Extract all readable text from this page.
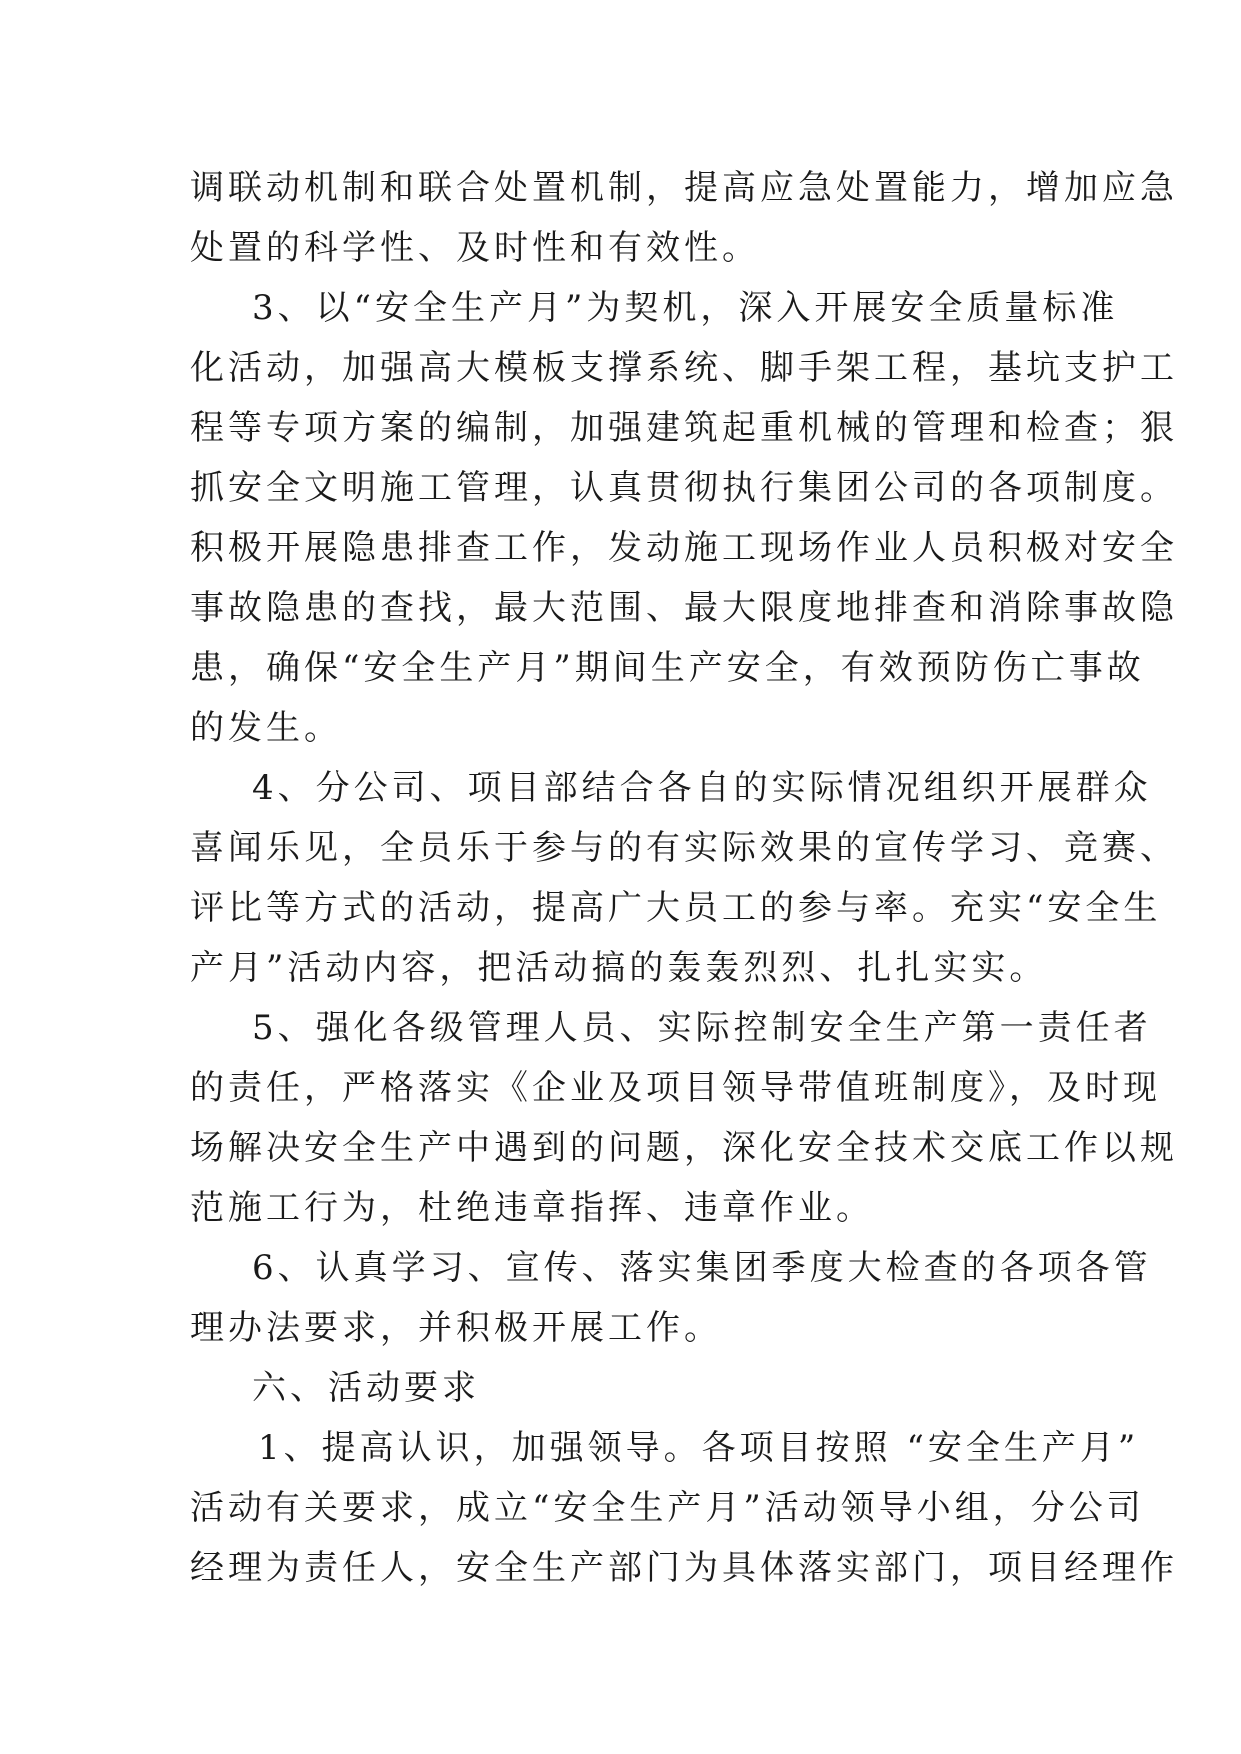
调联动机制和联合处置机制，提高应急处置能力，增加应急
处置的科学性、及时性和有效性。
3、以“安全生产月”为契机，深入开展安全质量标准
化活动，加强高大模板支撑系统、脚手架工程，基坑支护工
程等专项方案的编制，加强建筑起重机械的管理和检查；狠
抓安全文明施工管理，认真贯彻执行集团公司的各项制度。
积极开展隐患排查工作，发动施工现场作业人员积极对安全
事故隐患的查找，最大范围、最大限度地排查和消除事故隐
患，确保“安全生产月”期间生产安全，有效预防伤亡事故
的发生。
4、分公司、项目部结合各自的实际情况组织开展群众
喜闻乐见，全员乐于参与的有实际效果的宣传学习、竞赛、
评比等方式的活动，提高广大员工的参与率。充实“安全生
产月”活动内容，把活动搞的轰轰烈烈、扎扎实实。
5、强化各级管理人员、实际控制安全生产第一责任者
的责任，严格落实《企业及项目领导带值班制度》，及时现
场解决安全生产中遇到的问题，深化安全技术交底工作以规
范施工行为，杜绝违章指挥、违章作业。
6、认真学习、宣传、落实集团季度大检查的各项各管
理办法要求，并积极开展工作。
六、活动要求
1、提高认识，加强领导。各项目按照 “安全生产月”
活动有关要求，成立“安全生产月”活动领导小组，分公司
经理为责任人，安全生产部门为具体落实部门，项目经理作
